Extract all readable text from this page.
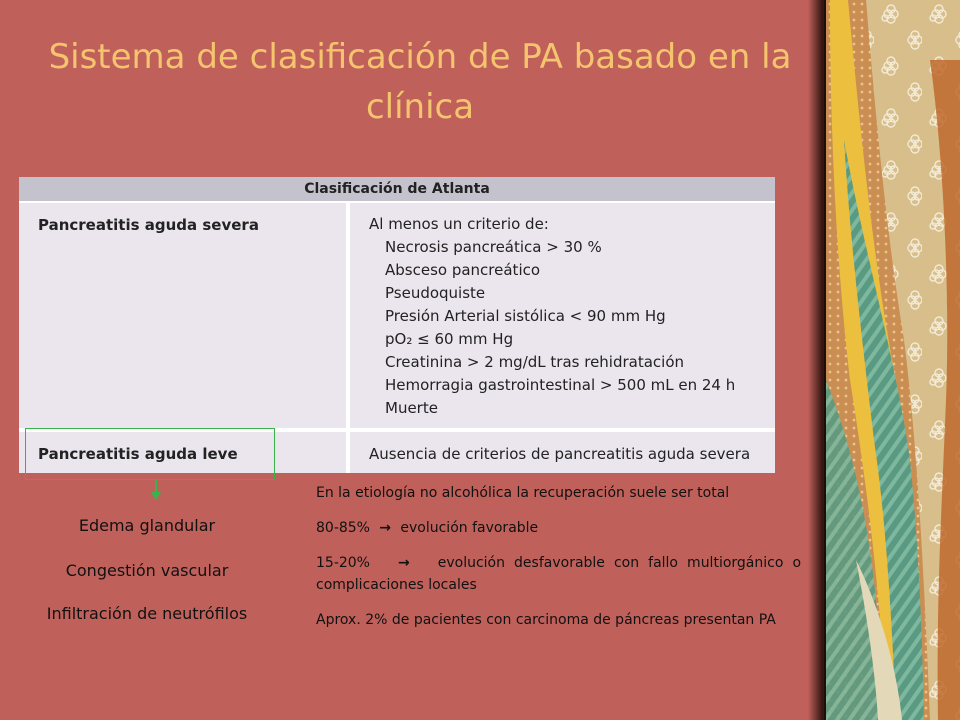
Sistema de clasificación de PA basado en la clínica
Clasificación de Atlanta
Pancreatitis aguda severa	Al menos un criterio de:
Necrosis pancreática > 30 %
Absceso pancreático
Pseudoquiste
Presión Arterial sistólica < 90 mm Hg
pO₂ ≤ 60 mm Hg
Creatinina > 2 mg/dL tras rehidratación
Hemorragia gastrointestinal > 500 mL en 24 h
Muerte
Pancreatitis aguda leve	Ausencia de criterios de pancreatitis aguda severa
Edema glandular
Congestión vascular
Infiltración de neutrófilos

En la etiología no alcohólica la recuperación suele ser total

80-85%  →  evolución favorable

15-20%   →   evolución desfavorable con fallo multiorgánico o complicaciones locales

Aprox. 2% de pacientes con carcinoma de páncreas presentan PA
